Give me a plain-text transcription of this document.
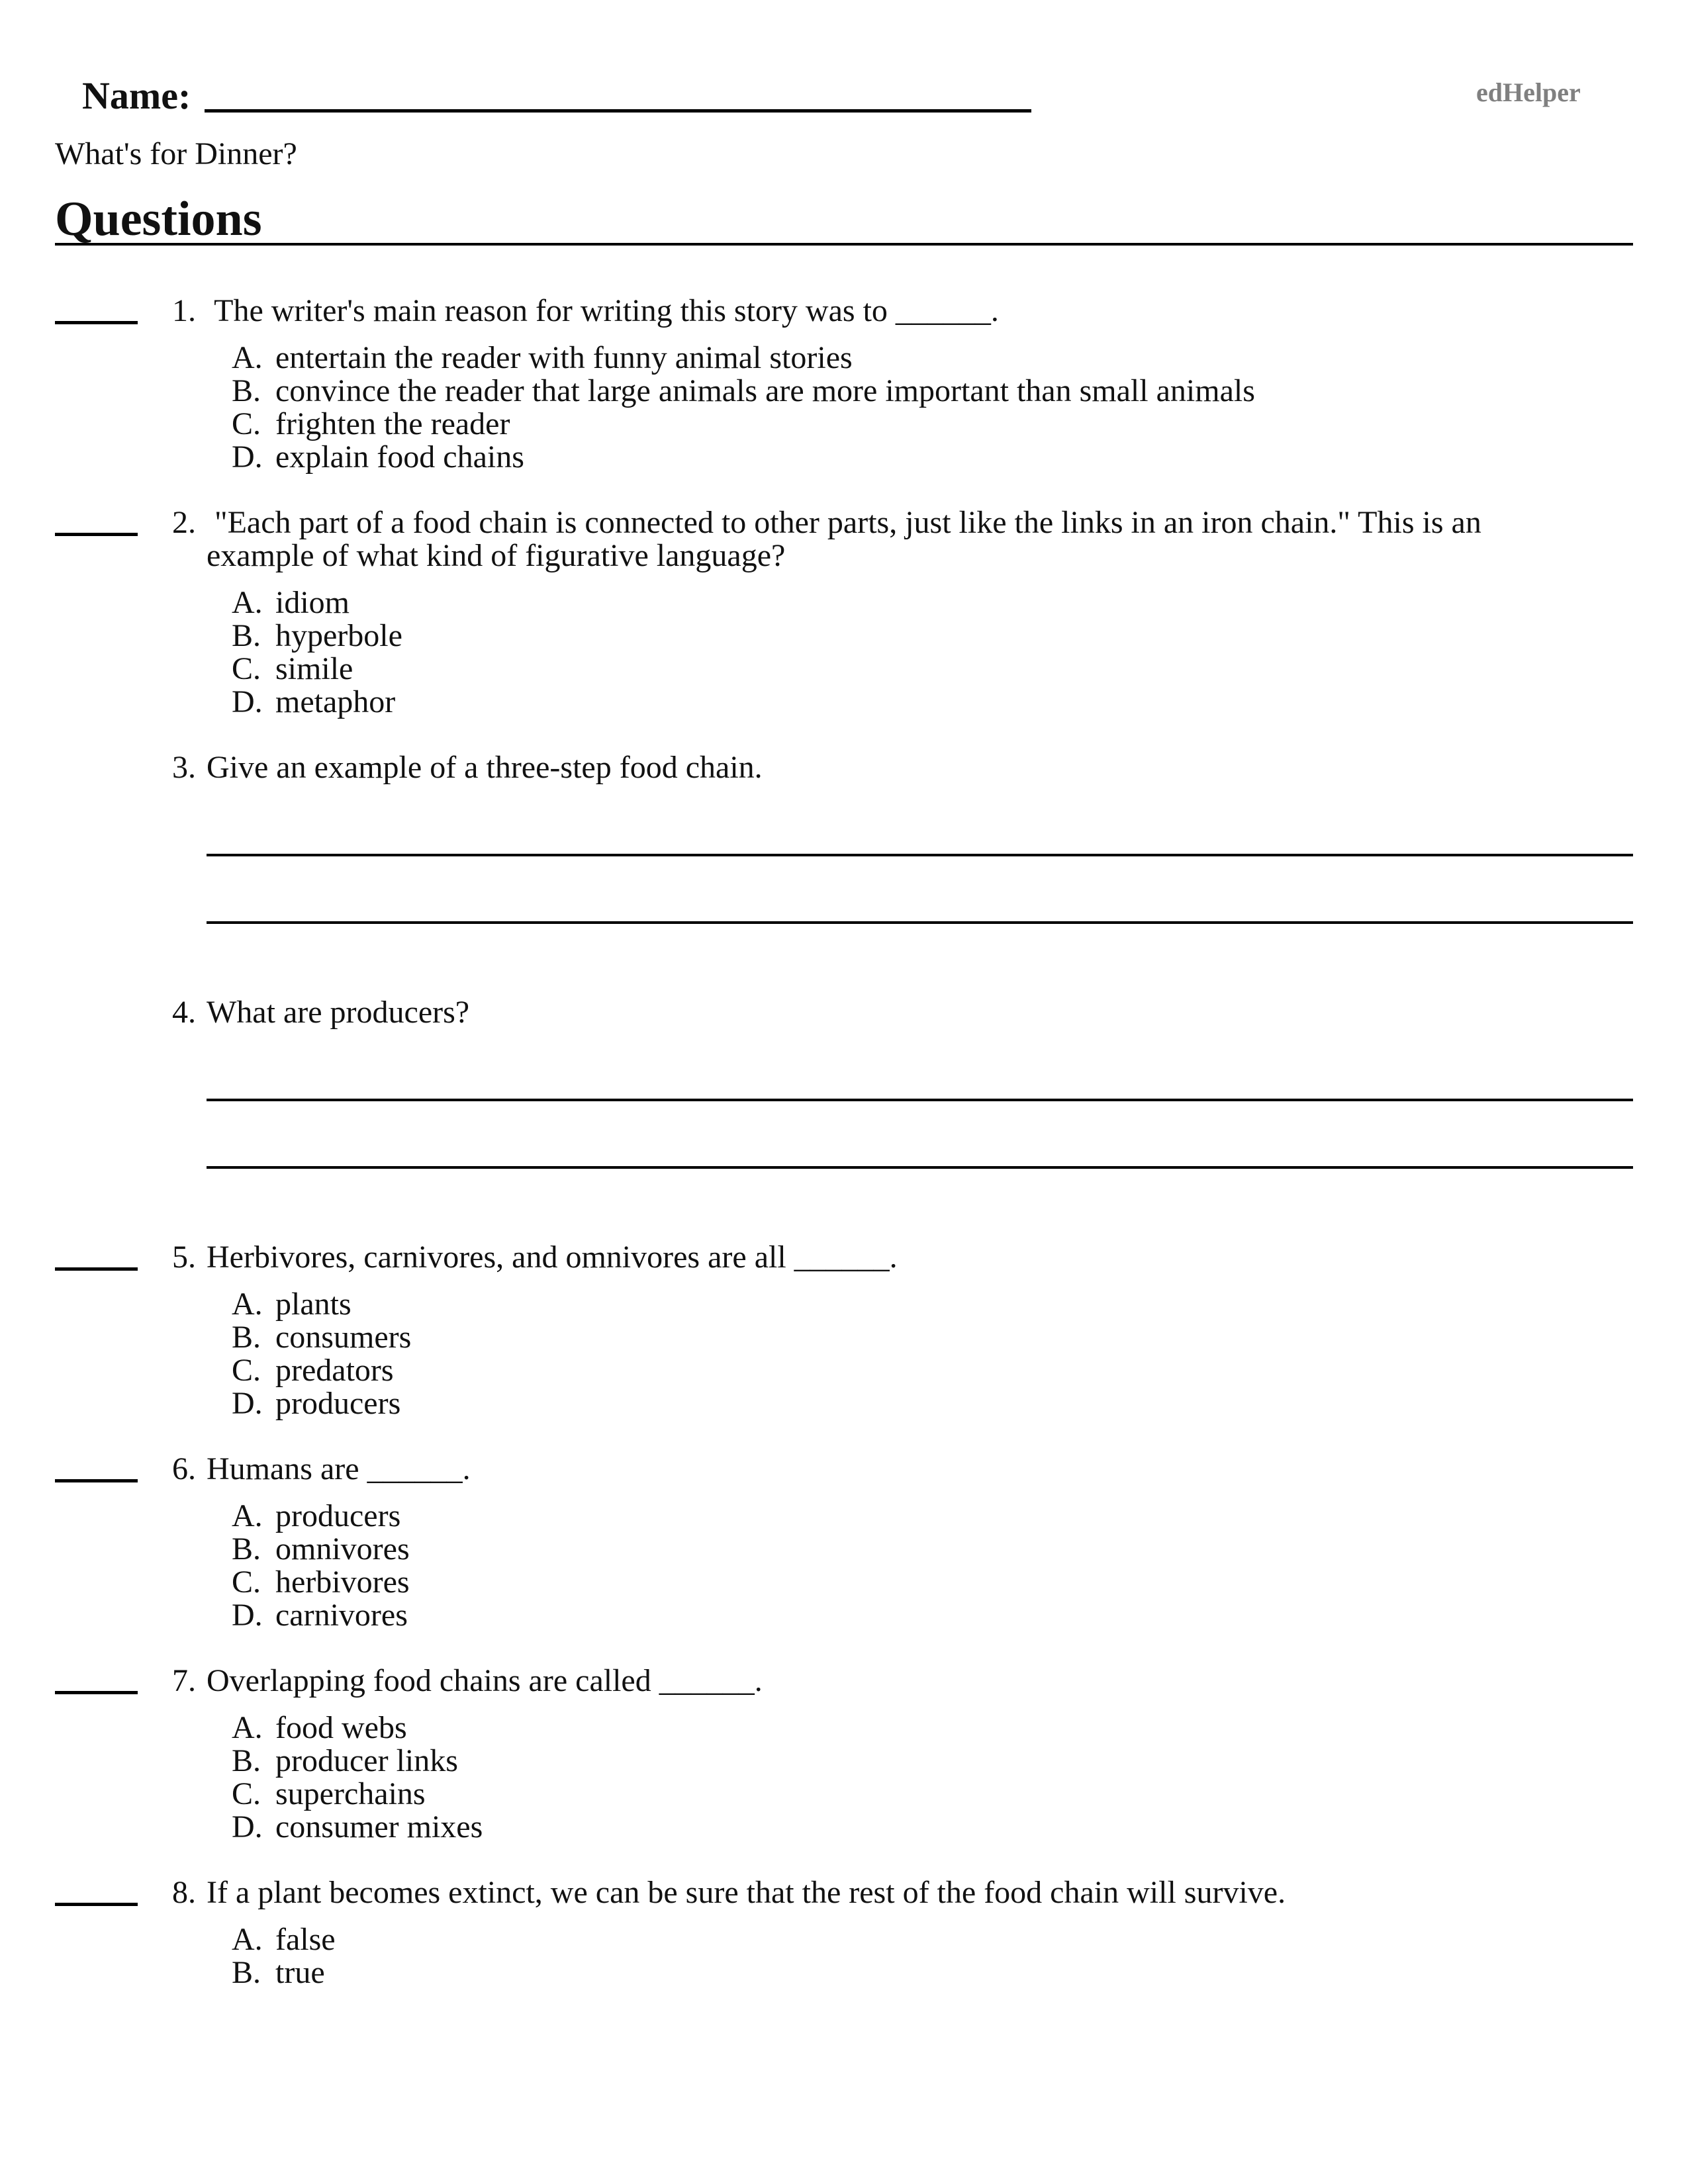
Name:	edHelper
What's for Dinner?
Questions
1. The writer's main reason for writing this story was to ______.
A. entertain the reader with funny animal stories
B. convince the reader that large animals are more important than small animals
C. frighten the reader
D. explain food chains
2. "Each part of a food chain is connected to other parts, just like the links in an iron chain." This is an
example of what kind of figurative language?
A. idiom
B. hyperbole
C. simile
D. metaphor
3. Give an example of a three-step food chain.
4. What are producers?
5. Herbivores, carnivores, and omnivores are all ______.
A. plants
B. consumers
C. predators
D. producers
6. Humans are ______.
A. producers
B. omnivores
C. herbivores
D. carnivores
7. Overlapping food chains are called ______.
A. food webs
B. producer links
C. superchains
D. consumer mixes
8. If a plant becomes extinct, we can be sure that the rest of the food chain will survive.
A. false
B. true
